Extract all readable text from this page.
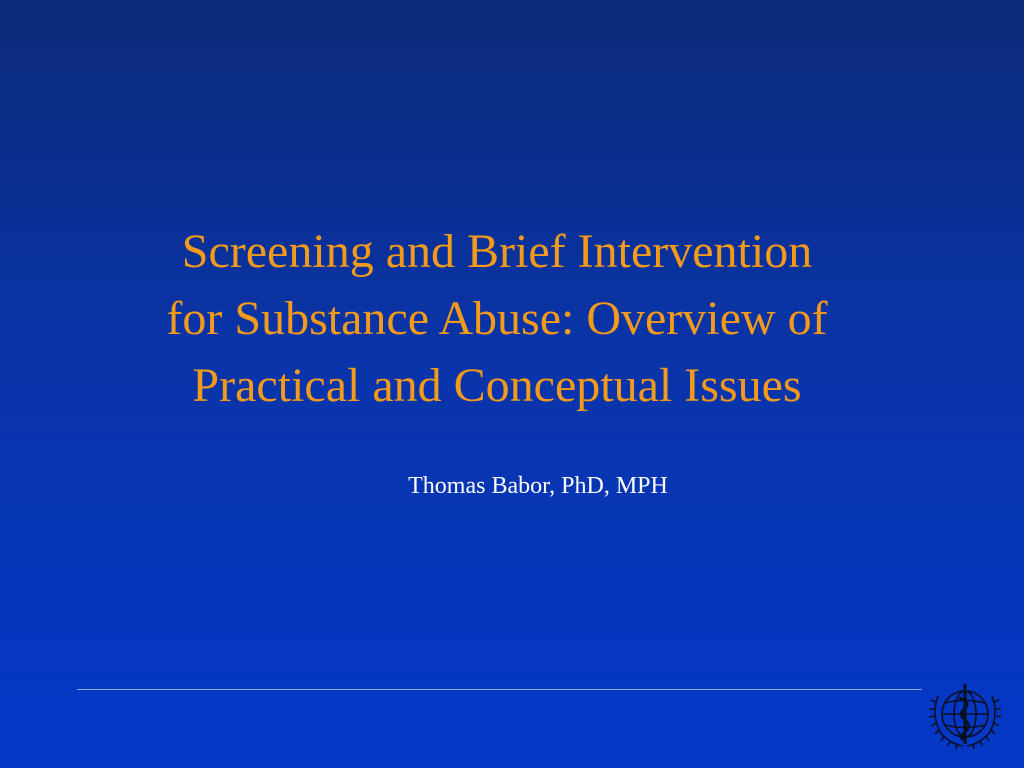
Screening and Brief Intervention
for Substance Abuse: Overview of
Practical and Conceptual Issues
Thomas Babor, PhD, MPH
